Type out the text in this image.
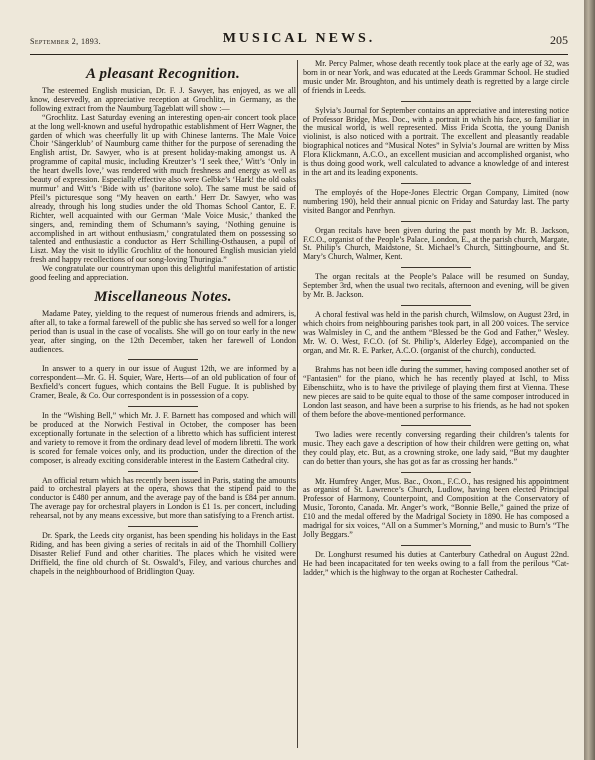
September 2, 1893.	MUSICAL NEWS.	205
A pleasant Recognition.

The esteemed English musician, Dr. F. J. Sawyer, has enjoyed, as we all know, deservedly, an appreciative reception at Grochlitz, in Germany, as the following extract from the Naumburg Tageblatt will show :—

“Grochlitz. Last Saturday evening an interesting open-air concert took place at the long well-known and useful hydropathic establishment of Herr Wagner, the garden of which was cheerfully lit up with Chinese lanterns. The Male Voice Choir ‘Sängerklub’ of Naumburg came thither for the purpose of serenading the English artist, Dr. Sawyer, who is at present holiday-making amongst us. A programme of capital music, including Kreutzer’s ‘I seek thee,’ Witt’s ‘Only in the heart dwells love,’ was rendered with much freshness and energy as well as beauty of expression. Especially effective also were Gelbke’s ‘Hark! the old oaks murmur’ and Witt’s ‘Bide with us’ (baritone solo). The same must be said of Pfeil’s picturesque song “My heaven on earth.’ Herr Dr. Sawyer, who was already, through his long studies under the old Thomas School Cantor, E. F. Richter, well acquainted with our German ‘Male Voice Music,’ thanked the singers, and, reminding them of Schumann’s saying, ‘Nothing genuine is accomplished in art without enthusiasm,’ congratulated them on possessing so talented and enthusiastic a conductor as Herr Schilling-Osthausen, a pupil of Liszt. May the visit to idyllic Grochlitz of the honoured English musician yield fresh and happy recollections of our song-loving Thuringia.”

We congratulate our countryman upon this delightful manifestation of artistic good feeling and appreciation.

Miscellaneous Notes.

Madame Patey, yielding to the request of numerous friends and admirers, is, after all, to take a formal farewell of the public she has served so well for a longer period than is usual in the case of vocalists. She will go on tour early in the new year, after singing, on the 12th December, taken her farewell of London audiences.

In answer to a query in our issue of August 12th, we are informed by a correspondent—Mr. G. H. Squier, Ware, Herts—of an old publication of four of Bexfield’s concert fugues, which contains the Bell Fugue. It is published by Cramer, Beale, & Co. Our correspondent is in possession of a copy.

In the “Wishing Bell,” which Mr. J. F. Barnett has composed and which will be produced at the Norwich Festival in October, the composer has been exceptionally fortunate in the selection of a libretto which has sufficient interest and variety to remove it from the ordinary dead level of modern libretti. The work is scored for female voices only, and its production, under the direction of the composer, is already exciting considerable interest in the Eastern Cathedral city.

An official return which has recently been issued in Paris, stating the amounts paid to orchestral players at the opera, shows that the stipend paid to the conductor is £480 per annum, and the average pay of the band is £84 per annum. The average pay for orchestral players in London is £1 1s. per concert, including rehearsal, not by any means excessive, but more than satisfying to a French artist.

Dr. Spark, the Leeds city organist, has been spending his holidays in the East Riding, and has been giving a series of recitals in aid of the Thornhill Colliery Disaster Relief Fund and other charities. The places which he visited were Driffield, the fine old church of St. Oswald’s, Filey, and various churches and chapels in the neighbourhood of Bridlington Quay.

Mr. Percy Palmer, whose death recently took place at the early age of 32, was born in or near York, and was educated at the Leeds Grammar School. He studied music under Mr. Broughton, and his untimely death is regretted by a large circle of friends in Leeds.

Sylvia’s Journal for September contains an appreciative and interesting notice of Professor Bridge, Mus. Doc., with a portrait in which his face, so familiar in the musical world, is well represented. Miss Frida Scotta, the young Danish violinist, is also noticed with a portrait. The excellent and pleasantly readable biographical notices and “Musical Notes” in Sylvia’s Journal are written by Miss Flora Klickmann, A.C.O., an excellent musician and accomplished organist, who is thus doing good work, well calculated to advance a knowledge of and interest in the art and its leading exponents.

The employés of the Hope-Jones Electric Organ Company, Limited (now numbering 190), held their annual picnic on Friday and Saturday last. The party visited Bangor and Penrhyn.

Organ recitals have been given during the past month by Mr. B. Jackson, F.C.O., organist of the People’s Palace, London, E., at the parish church, Margate, St. Philip’s Church, Maidstone, St. Michael’s Church, Sittingbourne, and St. Mary’s Church, Walmer, Kent.

The organ recitals at the People’s Palace will be resumed on Sunday, September 3rd, when the usual two recitals, afternoon and evening, will be given by Mr. B. Jackson.

A choral festival was held in the parish church, Wilmslow, on August 23rd, in which choirs from neighbouring parishes took part, in all 200 voices. The service was Walmisley in C, and the anthem “Blessed be the God and Father,” Wesley. Mr. W. O. West, F.C.O. (of St. Philip’s, Alderley Edge), accompanied on the organ, and Mr. R. E. Parker, A.C.O. (organist of the church), conducted.

Brahms has not been idle during the summer, having composed another set of “Fantasien” for the piano, which he has recently played at Ischl, to Miss Eibenschiitz, who is to have the privilege of playing them first at Vienna. These new pieces are said to be quite equal to those of the same composer introduced in London last season, and have been a surprise to his friends, as he had not spoken of them before the above-mentioned performance.

Two ladies were recently conversing regarding their children’s talents for music. They each gave a description of how their children were getting on, what they could play, etc. But, as a crowning stroke, one lady said, “But my daughter can do better than yours, she has got as far as crossing her hands.”

Mr. Humfrey Anger, Mus. Bac., Oxon., F.C.O., has resigned his appointment as organist of St. Lawrence’s Church, Ludlow, having been elected Principal Professor of Harmony, Counterpoint, and Composition at the Conservatory of Music, Toronto, Canada. Mr. Anger’s work, “Bonnie Belle,” gained the prize of £10 and the medal offered by the Madrigal Society in 1890. He has composed a madrigal for six voices, “All on a Summer’s Morning,” and music to Burn’s “The Jolly Beggars.”

Dr. Longhurst resumed his duties at Canterbury Cathedral on August 22nd. He had been incapacitated for ten weeks owing to a fall from the perilous “Cat-ladder,” which is the highway to the organ at Rochester Cathedral.
